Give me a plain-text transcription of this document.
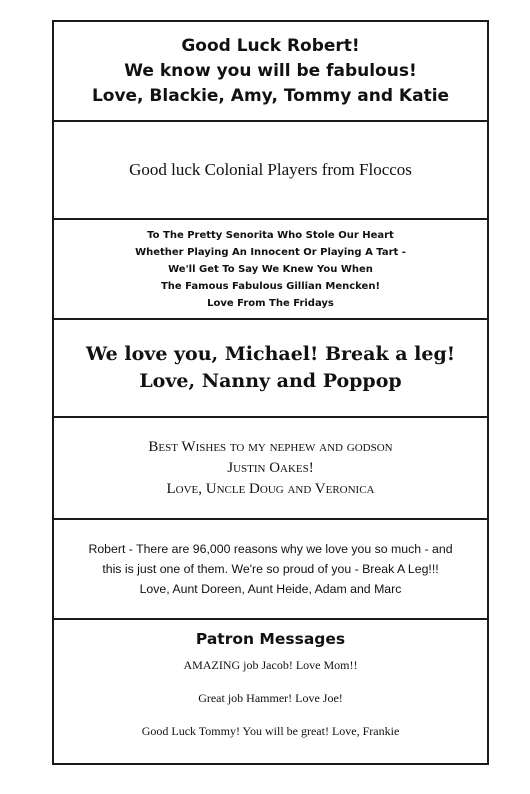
Good Luck Robert!
We know you will be fabulous!
Love, Blackie, Amy, Tommy and Katie
Good luck Colonial Players from Floccos
To The Pretty Senorita Who Stole Our Heart
Whether Playing An Innocent Or Playing A Tart -
We'll Get To Say We Knew You When
The Famous Fabulous Gillian Mencken!
Love From The Fridays
We love you, Michael! Break a leg!
Love, Nanny and Poppop
Best Wishes to my nephew and godson
Justin Oakes!
Love, Uncle Doug and Veronica
Robert - There are 96,000 reasons why we love you so much - and
this is just one of them. We're so proud of you - Break A Leg!!!
Love, Aunt Doreen, Aunt Heide, Adam and Marc
Patron Messages
AMAZING job Jacob! Love Mom!!
Great job Hammer! Love Joe!
Good Luck Tommy! You will be great! Love, Frankie
